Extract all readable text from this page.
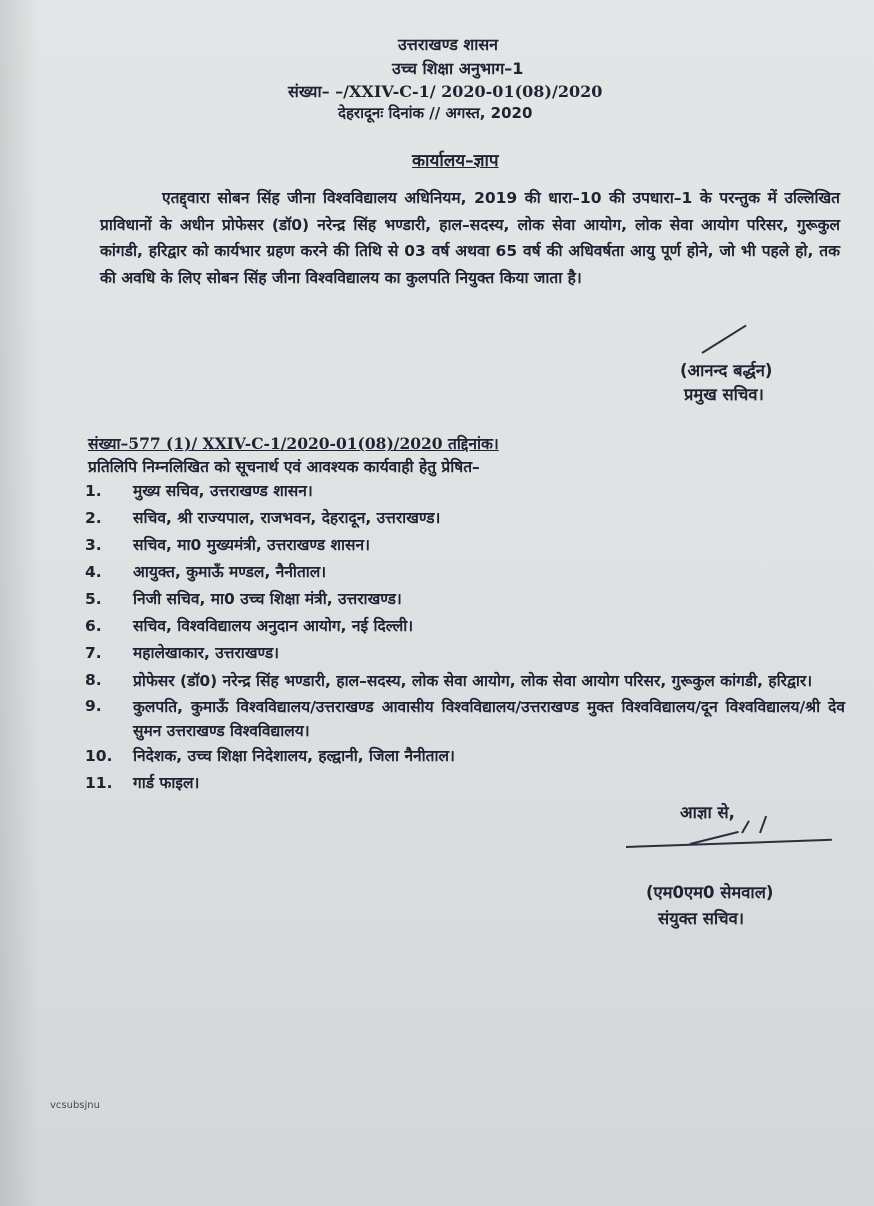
उत्तराखण्ड शासन
उच्च शिक्षा अनुभाग–1
संख्या– –/XXIV-C-1/ 2020-01(08)/2020
देहरादूनः दिनांक // अगस्त, 2020
कार्यालय–ज्ञाप
एतद्द्वारा सोबन सिंह जीना विश्वविद्यालय अधिनियम, 2019 की धारा–10 की उपधारा–1 के परन्तुक में उल्लिखित प्राविधानों के अधीन प्रोफेसर (डॉ0) नरेन्द्र सिंह भण्डारी, हाल–सदस्य, लोक सेवा आयोग, लोक सेवा आयोग परिसर, गुरूकुल कांगडी, हरिद्वार को कार्यभार ग्रहण करने की तिथि से 03 वर्ष अथवा 65 वर्ष की अधिवर्षता आयु पूर्ण होने, जो भी पहले हो, तक की अवधि के लिए सोबन सिंह जीना विश्वविद्यालय का कुलपति नियुक्त किया जाता है।
(आनन्द बर्द्धन)
प्रमुख सचिव।
संख्या–577 (1)/ XXIV-C-1/2020-01(08)/2020 तद्दिनांक।
प्रतिलिपि निम्नलिखित को सूचनार्थ एवं आवश्यक कार्यवाही हेतु प्रेषित–
1.	मुख्य सचिव, उत्तराखण्ड शासन।
2.	सचिव, श्री राज्यपाल, राजभवन, देहरादून, उत्तराखण्ड।
3.	सचिव, मा0 मुख्यमंत्री, उत्तराखण्ड शासन।
4.	आयुक्त, कुमाऊँ मण्डल, नैनीताल।
5.	निजी सचिव, मा0 उच्च शिक्षा मंत्री, उत्तराखण्ड।
6.	सचिव, विश्वविद्यालय अनुदान आयोग, नई दिल्ली।
7.	महालेखाकार, उत्तराखण्ड।
8.	प्रोफेसर (डॉ0) नरेन्द्र सिंह भण्डारी, हाल–सदस्य, लोक सेवा आयोग, लोक सेवा आयोग परिसर, गुरूकुल कांगडी, हरिद्वार।
9.	कुलपति, कुमाऊँ विश्वविद्यालय/उत्तराखण्ड आवासीय विश्वविद्यालय/उत्तराखण्ड मुक्त विश्वविद्यालय/दून विश्वविद्यालय/श्री देव सुमन उत्तराखण्ड विश्वविद्यालय।
10.	निदेशक, उच्च शिक्षा निदेशालय, हल्द्वानी, जिला नैनीताल।
11.	गार्ड फाइल।
आज्ञा से,
(एम0एम0 सेमवाल)
संयुक्त सचिव।
vcsubsjnu
